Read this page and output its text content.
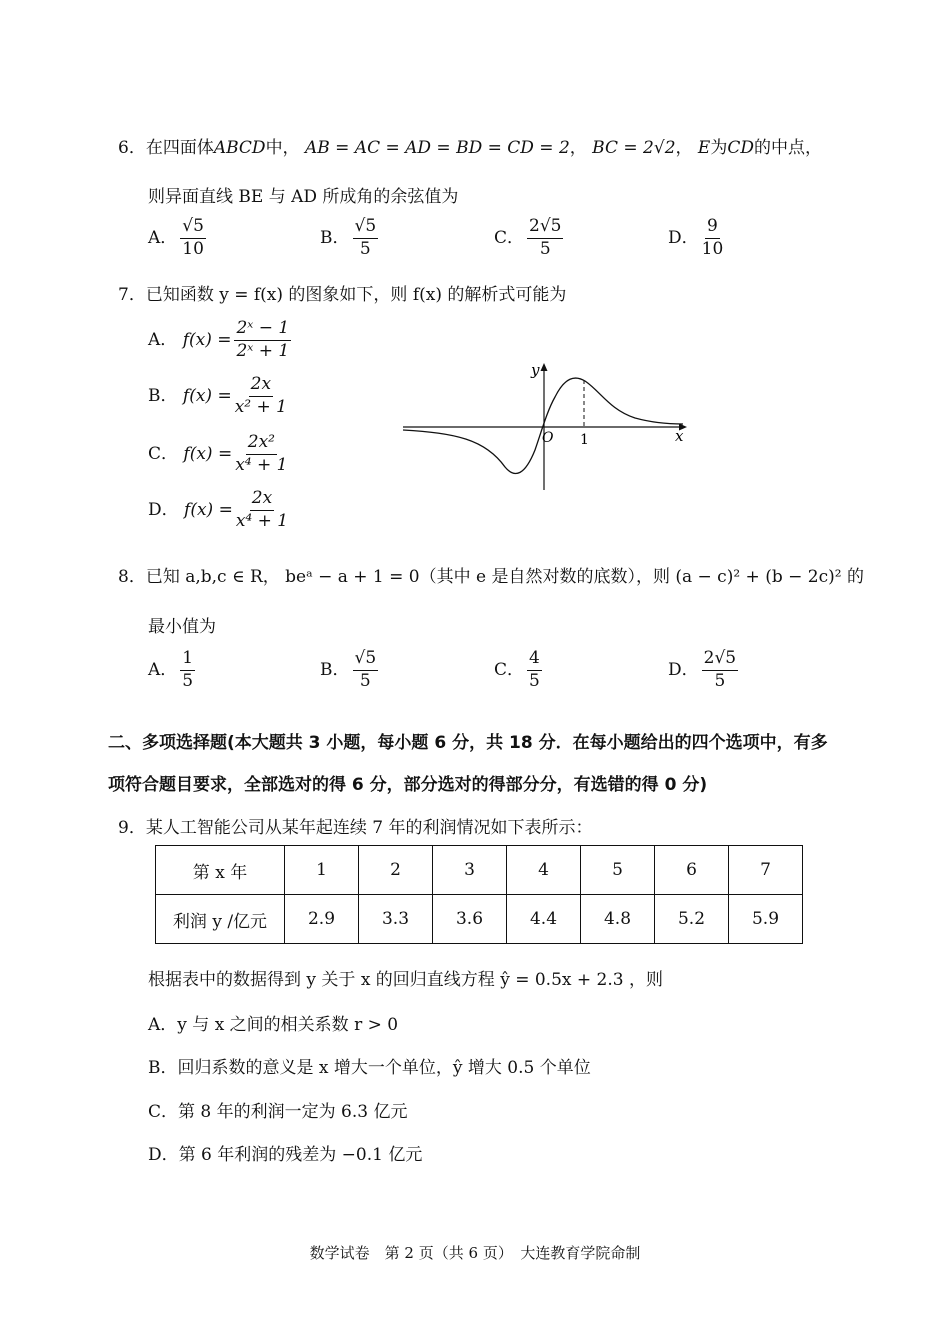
6．在四面体ABCD中， AB = AC = AD = BD = CD = 2， BC = 2√2， E为CD的中点，
则异面直线 BE 与 AD 所成角的余弦值为
A． $\frac{√5}{10}$	B． $\frac{√5}{5}$	C． $\frac{2√5}{5}$	D． $\frac{9}{10}$
7．已知函数 y = f(x) 的图象如下，则 f(x) 的解析式可能为
A． $f(x) = \frac{\text{2ˣ − 1}}{\text{2ˣ + 1}}$
B． $f(x) = \frac{2x}{\text{x² + 1}}$
C． $f(x) = \frac{\text{2x²}}{\text{x⁴ + 1}}$
D． $f(x) = \frac{2x}{\text{x⁴ + 1}}$
y
x
O 1
8．已知 a,b,c ∈ R， beᵃ − a + 1 = 0（其中 e 是自然对数的底数），则 (a − c)² + (b − 2c)² 的
最小值为
A． $\frac{1}{5}$	B． $\frac{√5}{5}$	C． $\frac{4}{5}$	D． $\frac{2√5}{5}$
二、多项选择题(本大题共 3 小题，每小题 6 分，共 18 分．在每小题给出的四个选项中，有多
项符合题目要求，全部选对的得 6 分，部分选对的得部分分，有选错的得 0 分)
9．某人工智能公司从某年起连续 7 年的利润情况如下表所示：
第 x 年	1	2	3	4	5	6	7
利润 y /亿元	2.9	3.3	3.6	4.4	4.8	5.2	5.9
根据表中的数据得到 y 关于 x 的回归直线方程 ŷ = 0.5x + 2.3 ，则
A．y 与 x 之间的相关系数 r > 0
B．回归系数的意义是 x 增大一个单位，ŷ 增大 0.5 个单位
C．第 8 年的利润一定为 6.3 亿元
D．第 6 年利润的残差为 −0.1 亿元
数学试卷　第 2 页（共 6 页）　大连教育学院命制
